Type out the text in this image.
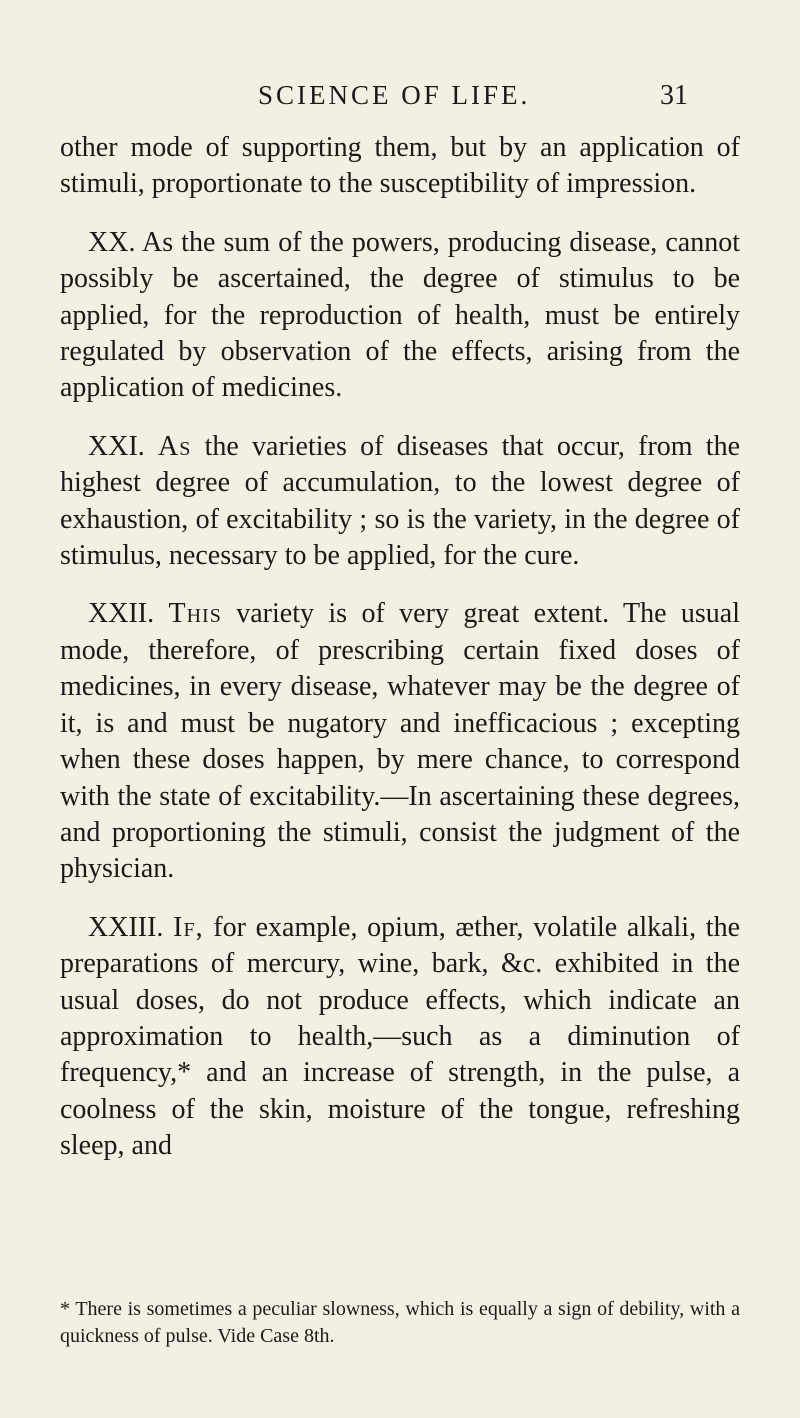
SCIENCE OF LIFE.	31

other mode of supporting them, but by an application of stimuli, proportionate to the susceptibility of impression.

XX. As the sum of the powers, producing disease, cannot possibly be ascertained, the degree of stimulus to be applied, for the reproduction of health, must be entirely regulated by observation of the effects, arising from the application of medicines.

XXI. As the varieties of diseases that occur, from the highest degree of accumulation, to the lowest degree of exhaustion, of excitability ; so is the variety, in the degree of stimulus, necessary to be applied, for the cure.

XXII. This variety is of very great extent. The usual mode, therefore, of prescribing certain fixed doses of medicines, in every disease, whatever may be the degree of it, is and must be nugatory and inefficacious ; excepting when these doses happen, by mere chance, to correspond with the state of excitability.—In ascertaining these degrees, and proportioning the stimuli, consist the judgment of the physician.

XXIII. If, for example, opium, æther, volatile alkali, the preparations of mercury, wine, bark, &c. exhibited in the usual doses, do not produce effects, which indicate an approximation to health,—such as a diminution of frequency,* and an increase of strength, in the pulse, a coolness of the skin, moisture of the tongue, refreshing sleep, and

* There is sometimes a peculiar slowness, which is equally a sign of debility, with a quickness of pulse. Vide Case 8th.
